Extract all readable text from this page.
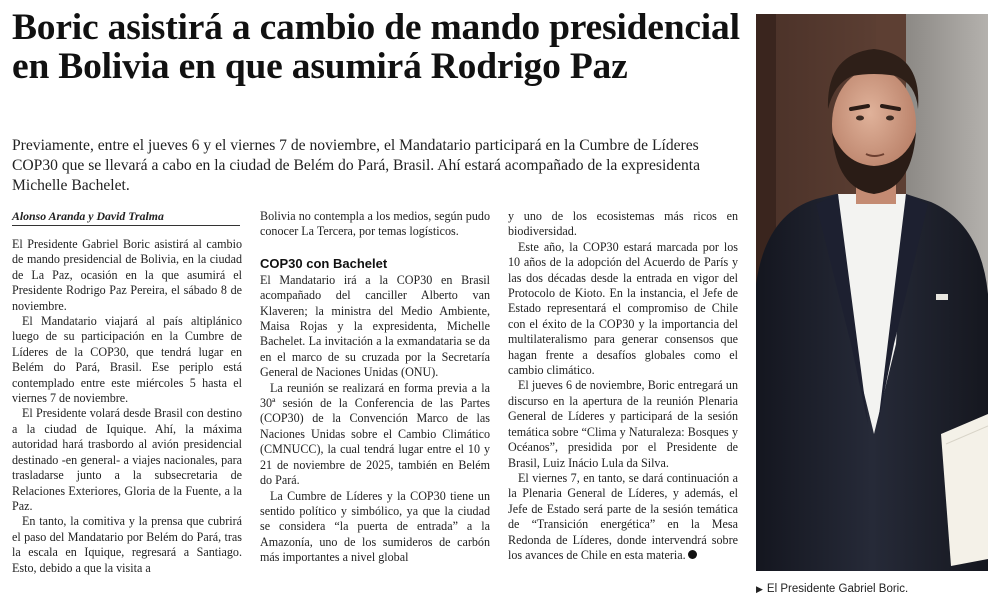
Boric asistirá a cambio de mando presidencial en Bolivia en que asumirá Rodrigo Paz

Previamente, entre el jueves 6 y el viernes 7 de noviembre, el Mandatario participará en la Cumbre de Líderes COP30 que se llevará a cabo en la ciudad de Belém do Pará, Brasil. Ahí estará acompañado de la expresidenta Michelle Bachelet.

Alonso Aranda y David Tralma

El Presidente Gabriel Boric asistirá al cambio de mando presidencial de Bolivia, en la ciudad de La Paz, ocasión en la que asumirá el Presidente Rodrigo Paz Pereira, el sábado 8 de noviembre.

El Mandatario viajará al país altiplánico luego de su participación en la Cumbre de Líderes de la COP30, que tendrá lugar en Belém do Pará, Brasil. Ese periplo está contemplado entre este miércoles 5 hasta el viernes 7 de noviembre.

El Presidente volará desde Brasil con destino a la ciudad de Iquique. Ahí, la máxima autoridad hará trasbordo al avión presidencial destinado -en general- a viajes nacionales, para trasladarse junto a la subsecretaria de Relaciones Exteriores, Gloria de la Fuente, a la Paz.

En tanto, la comitiva y la prensa que cubrirá el paso del Mandatario por Belém do Pará, tras la escala en Iquique, regresará a Santiago. Esto, debido a que la visita a

Bolivia no contempla a los medios, según pudo conocer La Tercera, por temas logísticos.

COP30 con Bachelet

El Mandatario irá a la COP30 en Brasil acompañado del canciller Alberto van Klaveren; la ministra del Medio Ambiente, Maisa Rojas y la expresidenta, Michelle Bachelet. La invitación a la exmandataria se da en el marco de su cruzada por la Secretaría General de Naciones Unidas (ONU).

La reunión se realizará en forma previa a la 30ª sesión de la Conferencia de las Partes (COP30) de la Convención Marco de las Naciones Unidas sobre el Cambio Climático (CMNUCC), la cual tendrá lugar entre el 10 y 21 de noviembre de 2025, también en Belém do Pará.

La Cumbre de Líderes y la COP30 tiene un sentido político y simbólico, ya que la ciudad se considera “la puerta de entrada” a la Amazonía, uno de los sumideros de carbón más importantes a nivel global

y uno de los ecosistemas más ricos en biodiversidad.

Este año, la COP30 estará marcada por los 10 años de la adopción del Acuerdo de París y las dos décadas desde la entrada en vigor del Protocolo de Kioto. En la instancia, el Jefe de Estado representará el compromiso de Chile con el éxito de la COP30 y la importancia del multilateralismo para generar consensos que hagan frente a desafíos globales como el cambio climático.

El jueves 6 de noviembre, Boric entregará un discurso en la apertura de la reunión Plenaria General de Líderes y participará de la sesión temática sobre “Clima y Naturaleza: Bosques y Océanos”, presidida por el Presidente de Brasil, Luiz Inácio Lula da Silva.

El viernes 7, en tanto, se dará continuación a la Plenaria General de Líderes, y además, el Jefe de Estado será parte de la sesión temática de “Transición energética” en la Mesa Redonda de Líderes, donde intervendrá sobre los avances de Chile en esta materia.

▶ El Presidente Gabriel Boric.
